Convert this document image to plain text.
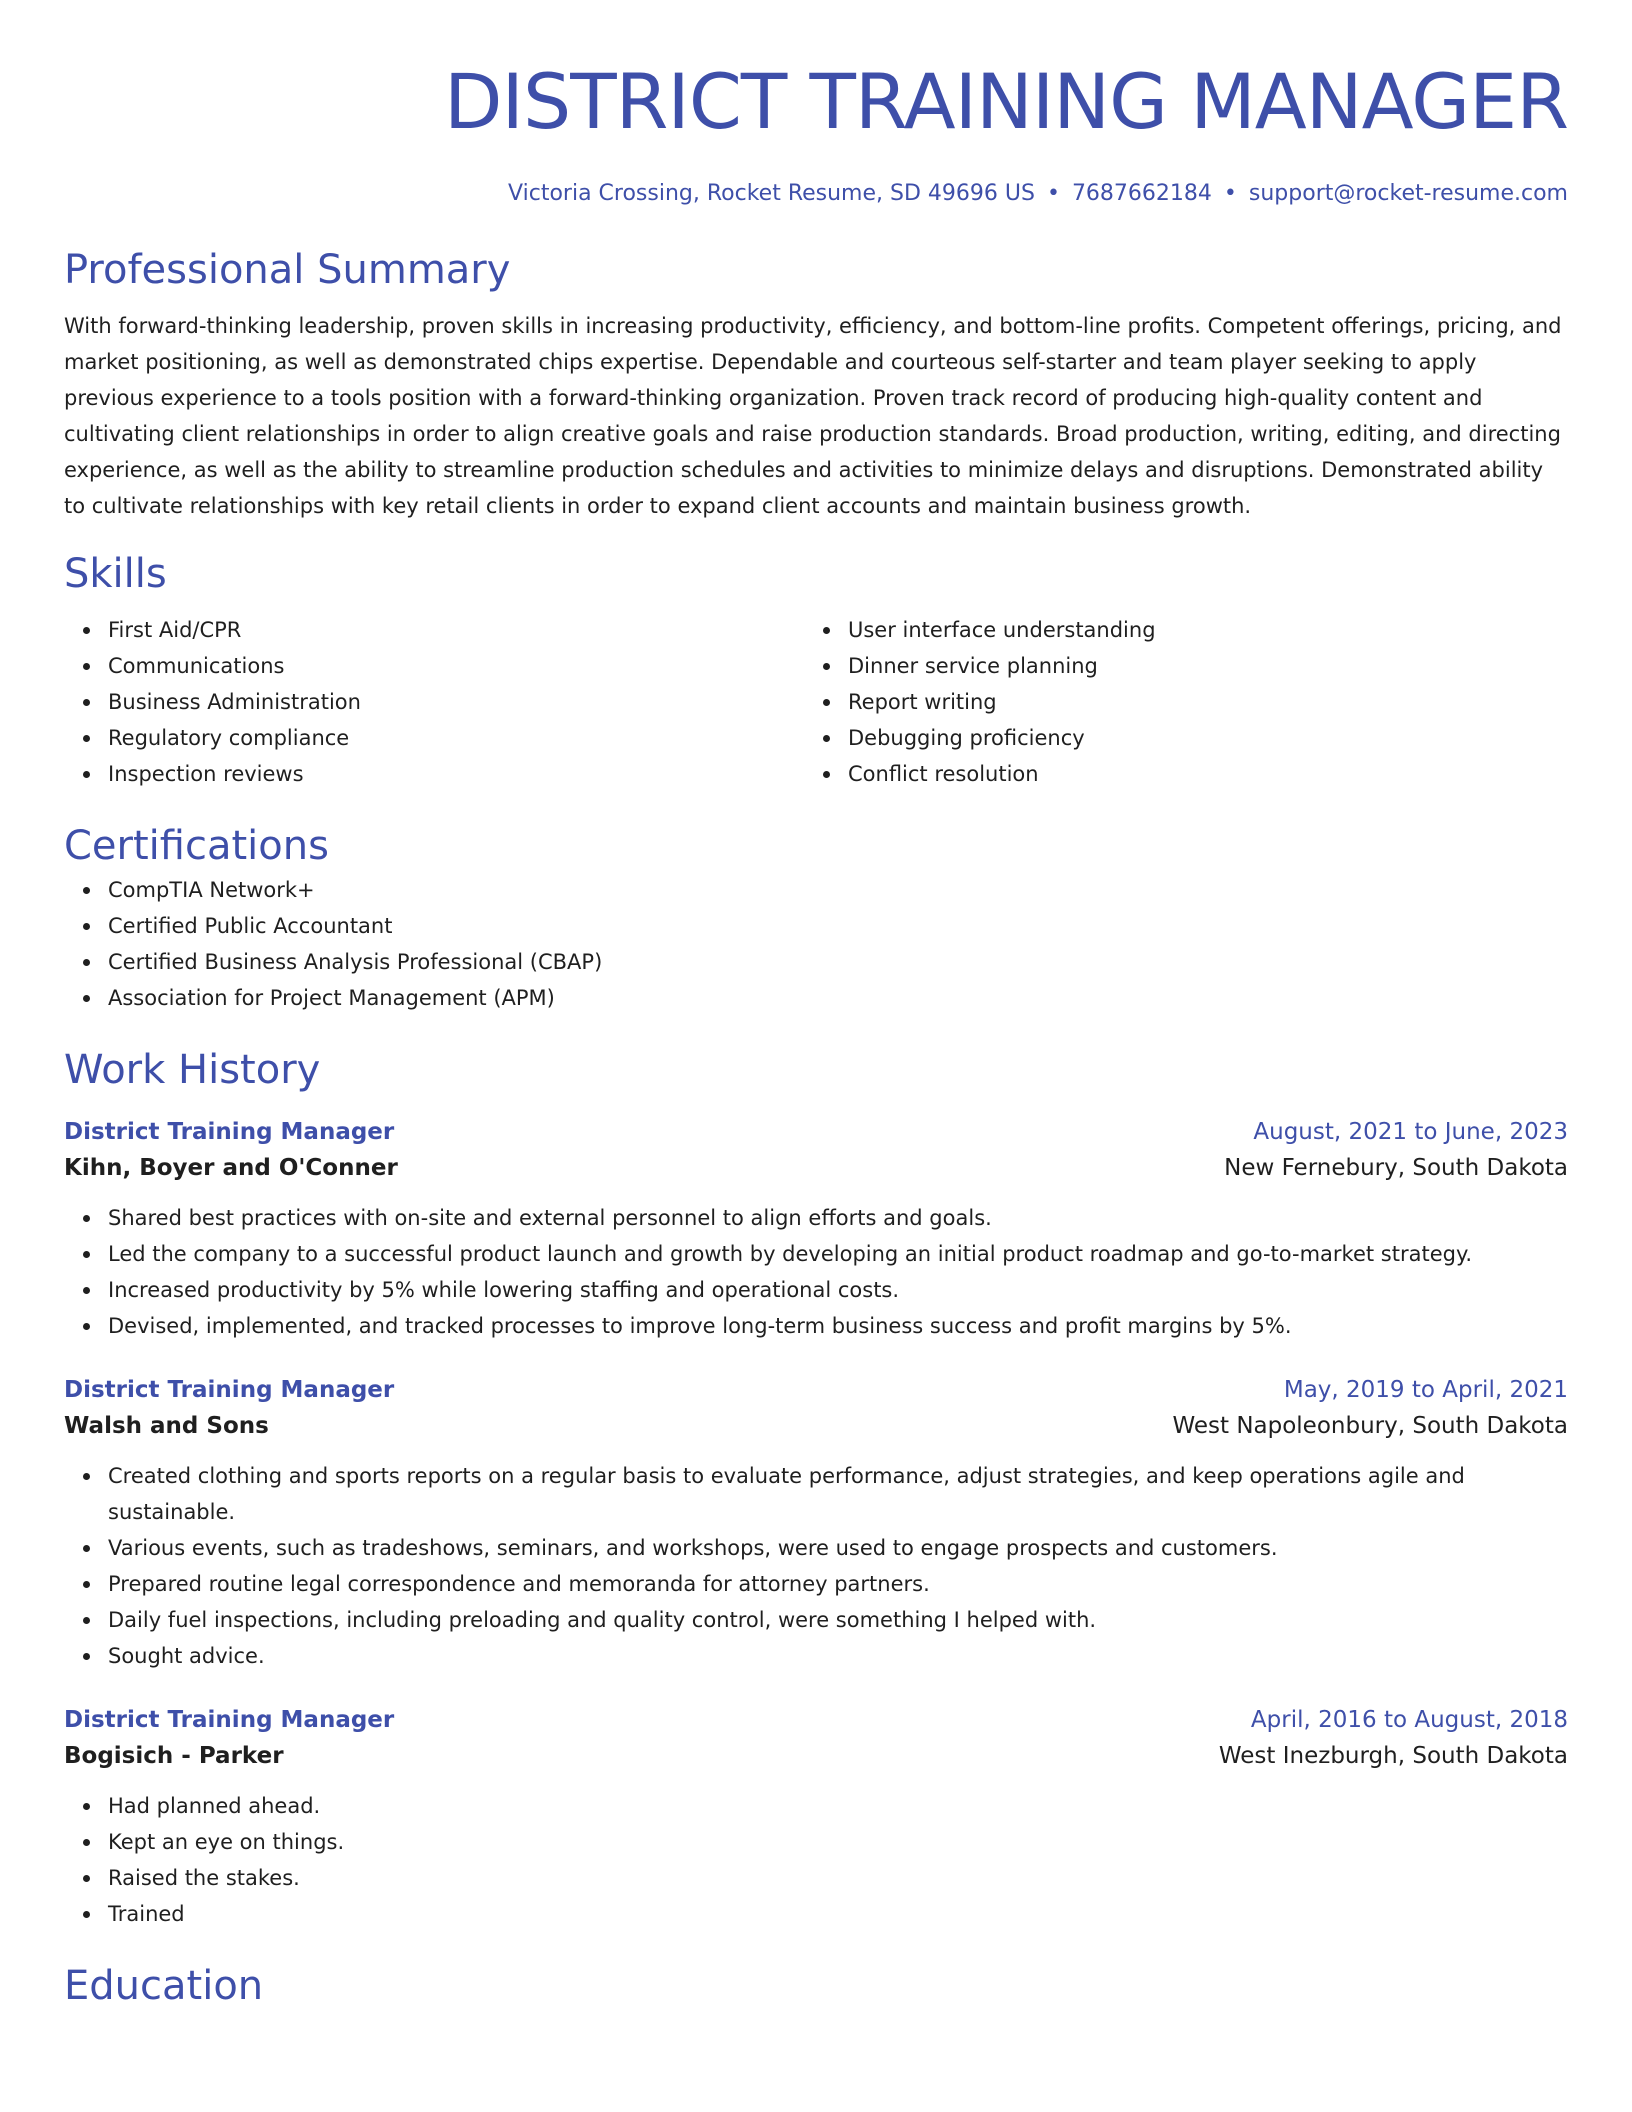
DISTRICT TRAINING MANAGER
Victoria Crossing, Rocket Resume, SD 49696 US • 7687662184 • support@rocket-resume.com
Professional Summary

With forward-thinking leadership, proven skills in increasing productivity, efficiency, and bottom-line profits. Competent offerings, pricing, and market positioning, as well as demonstrated chips expertise. Dependable and courteous self-starter and team player seeking to apply previous experience to a tools position with a forward-thinking organization. Proven track record of producing high-quality content and cultivating client relationships in order to align creative goals and raise production standards. Broad production, writing, editing, and directing experience, as well as the ability to streamline production schedules and activities to minimize delays and disruptions. Demonstrated ability to cultivate relationships with key retail clients in order to expand client accounts and maintain business growth.

Skills
First Aid/CPR
Communications
Business Administration
Regulatory compliance
Inspection reviews
User interface understanding
Dinner service planning
Report writing
Debugging proficiency
Conflict resolution
Certifications
CompTIA Network+
Certified Public Accountant
Certified Business Analysis Professional (CBAP)
Association for Project Management (APM)
Work History
District Training Manager	August, 2021 to June, 2023
Kihn, Boyer and O'Conner	New Fernebury, South Dakota
Shared best practices with on-site and external personnel to align efforts and goals.
Led the company to a successful product launch and growth by developing an initial product roadmap and go-to-market strategy.
Increased productivity by 5% while lowering staffing and operational costs.
Devised, implemented, and tracked processes to improve long-term business success and profit margins by 5%.
District Training Manager	May, 2019 to April, 2021
Walsh and Sons	West Napoleonbury, South Dakota
Created clothing and sports reports on a regular basis to evaluate performance, adjust strategies, and keep operations agile and sustainable.
Various events, such as tradeshows, seminars, and workshops, were used to engage prospects and customers.
Prepared routine legal correspondence and memoranda for attorney partners.
Daily fuel inspections, including preloading and quality control, were something I helped with.
Sought advice.
District Training Manager	April, 2016 to August, 2018
Bogisich - Parker	West Inezburgh, South Dakota
Had planned ahead.
Kept an eye on things.
Raised the stakes.
Trained
Education
